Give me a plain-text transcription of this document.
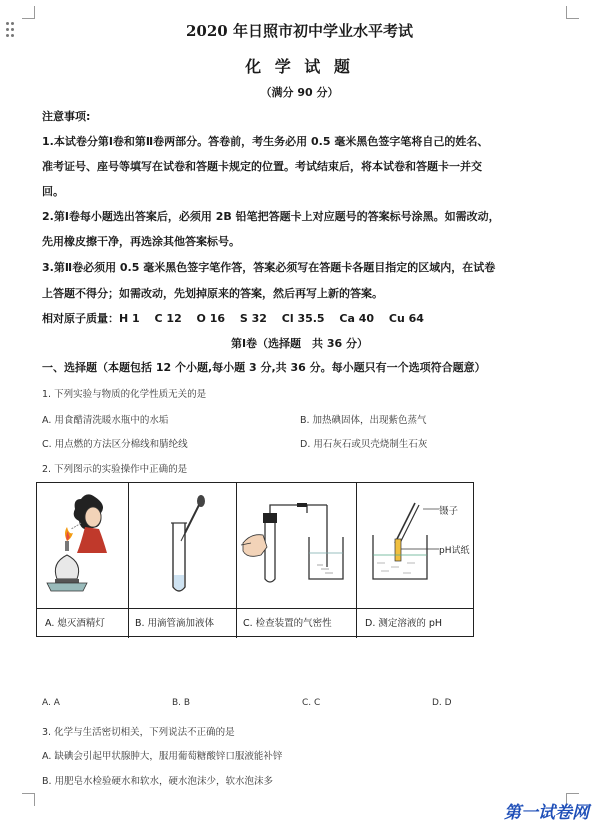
2020 年日照市初中学业水平考试
化 学 试 题
（满分 90 分）
注意事项:
1.本试卷分第Ⅰ卷和第Ⅱ卷两部分。答卷前，考生务必用 0.5 毫米黑色签字笔将自己的姓名、
准考证号、座号等填写在试卷和答题卡规定的位置。考试结束后，将本试卷和答题卡一并交
回。
2.第Ⅰ卷每小题选出答案后，必须用 2B 铅笔把答题卡上对应题号的答案标号涂黑。如需改动，
先用橡皮擦干净，再选涂其他答案标号。
3.第Ⅱ卷必须用 0.5 毫米黑色签字笔作答，答案必须写在答题卡各题目指定的区域内，在试卷
上答题不得分；如需改动，先划掉原来的答案，然后再写上新的答案。
相对原子质量：H 1　 C 12　 O 16　 S 32　 Cl 35.5　 Ca 40　 Cu 64
第Ⅰ卷（选择题　共 36 分）
一、选择题（本题包括 12 个小题,每小题 3 分,共 36 分。每小题只有一个选项符合题意）
1. 下列实验与物质的化学性质无关的是
A. 用食醋清洗暖水瓶中的水垢	B. 加热碘固体，出现紫色蒸气
C. 用点燃的方法区分棉线和腈纶线	D. 用石灰石或贝壳烧制生石灰
2. 下列图示的实验操作中正确的是
镊子
pH试纸
A. 熄灭酒精灯	B. 用滴管滴加液体	C. 检查装置的气密性	D. 测定溶液的 pH
A. A	B. B	C. C	D. D
3. 化学与生活密切相关，下列说法不正确的是
A. 缺碘会引起甲状腺肿大，服用葡萄糖酸锌口服液能补锌
B. 用肥皂水检验硬水和软水，硬水泡沫少，软水泡沫多
第一试卷网
